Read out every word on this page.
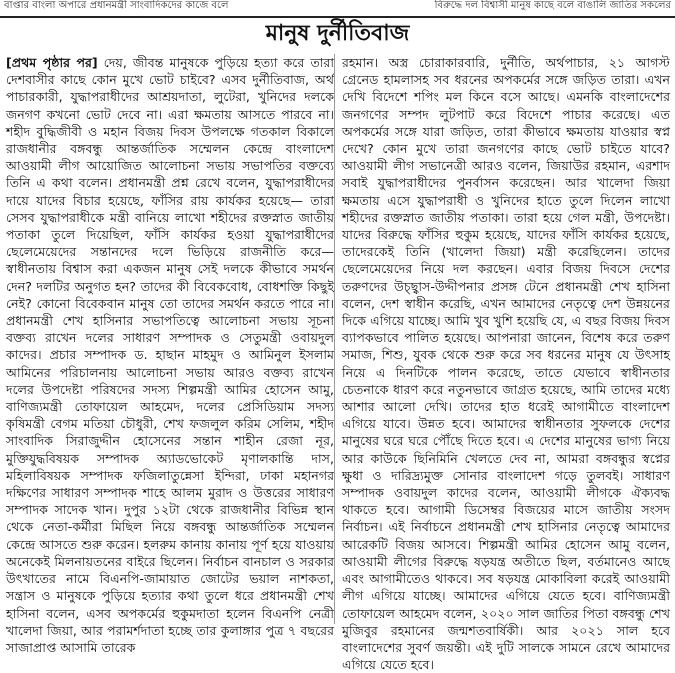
বাপ্তার বাংলা অপারে প্রধানমন্ত্রী সাংবাদিকদের কাজে বলে	বিরুদ্ধে দল বিশ্বাসী মানুষ কাছে বলে বাঙালি জাতির সকলের
মানুষ দুর্নীতিবাজ
[প্রথম পৃষ্ঠার পর] দেয়, জীবন্ত মানুষকে পুড়িয়ে হত্যা করে তারা দেশবাসীর কাছে কোন মুখে ভোট চাইবে? এসব দুর্নীতিবাজ, অর্থ পাচারকারী, যুদ্ধাপরাধীদের আশ্রয়দাতা, লুটেরা, খুনিদের দলকে জনগণ কখনো ভোট দেবে না। এরা ক্ষমতায় আসতে পারবে না। শহীদ বুদ্ধিজীবী ও মহান বিজয় দিবস উপলক্ষে গতকাল বিকালে রাজধানীর বঙ্গবন্ধু আন্তর্জাতিক সম্মেলন কেন্দ্রে বাংলাদেশ আওয়ামী লীগ আয়োজিত আলোচনা সভায় সভাপতির বক্তব্যে তিনি এ কথা বলেন। প্রধানমন্ত্রী প্রশ্ন রেখে বলেন, যুদ্ধাপরাধীদের দায়ে যাদের বিচার হয়েছে, ফাঁসির রায় কার্যকর হয়েছে— তারা সেসব যুদ্ধাপরাধীকে মন্ত্রী বানিয়ে লাখো শহীদের রক্তস্নাত জাতীয় পতাকা তুলে দিয়েছিল, ফাঁসি কার্যকর হওয়া যুদ্ধাপরাধীদের ছেলেমেয়েদের সন্তানদের দলে ভিড়িয়ে রাজনীতি করে— স্বাধীনতায় বিশ্বাস করা একজন মানুষ সেই দলকে কীভাবে সমর্থন দেন? দলটির অনুগত হন? তাদের কী বিবেকবোধ, বোধশক্তি কিছুই নেই? কোনো বিবেকবান মানুষ তো তাদের সমর্থন করতে পারে না। প্রধানমন্ত্রী শেখ হাসিনার সভাপতিত্বে আলোচনা সভায় সূচনা বক্তব্য রাখেন দলের সাধারণ সম্পাদক ও সেতুমন্ত্রী ওবায়দুল কাদের। প্রচার সম্পাদক ড. হাছান মাহমুদ ও আমিনুল ইসলাম আমিনের পরিচালনায় আলোচনা সভায় আরও বক্তব্য রাখেন দলের উপদেষ্টা পরিষদের সদস্য শিল্পমন্ত্রী আমির হোসেন আমু, বাণিজ্যমন্ত্রী তোফায়েল আহমেদ, দলের প্রেসিডিয়াম সদস্য কৃষিমন্ত্রী বেগম মতিয়া চৌধুরী, শেখ ফজলুল করিম সেলিম, শহীদ সাংবাদিক সিরাজুদ্দীন হোসেনের সন্তান শাহীন রেজা নূর, মুক্তিযুদ্ধবিষয়ক সম্পাদক অ্যাডভোকেট মৃণালকান্তি দাস, মহিলাবিষয়ক সম্পাদক ফজিলাতুন্নেসা ইন্দিরা, ঢাকা মহানগর দক্ষিণের সাধারণ সম্পাদক শাহে আলম মুরাদ ও উত্তরের সাধারণ সম্পাদক সাদেক খান। দুপুর ১২টা থেকে রাজধানীর বিভিন্ন স্থান থেকে নেতা-কর্মীরা মিছিল নিয়ে বঙ্গবন্ধু আন্তর্জাতিক সম্মেলন কেন্দ্রে আসতে শুরু করেন। হলরুম কানায় কানায় পূর্ণ হয়ে যাওয়ায় অনেকেই মিলনায়তনের বাইরে ছিলেন। নির্বাচন বানচাল ও সরকার উৎখাতের নামে বিএনপি-জামায়াত জোটের ভয়াল নাশকতা, সন্ত্রাস ও মানুষকে পুড়িয়ে হত্যার কথা তুলে ধরে প্রধানমন্ত্রী শেখ হাসিনা বলেন, এসব অপকর্মের হুকুমদাতা হলেন বিএনপি নেত্রী খালেদা জিয়া, আর পরামর্শদাতা হচ্ছে তার কুলাঙ্গার পুত্র ৭ বছরের সাজাপ্রাপ্ত আসামি তারেক
রহমান। অস্ত্র চোরাকারবারি, দুর্নীতি, অর্থপাচার, ২১ আগস্ট গ্রেনেড হামলাসহ সব ধরনের অপকর্মের সঙ্গে জড়িত তারা। এখন দেখি বিদেশে শপিং মল কিনে বসে আছে। এমনকি বাংলাদেশের জনগণের সম্পদ লুটপাট করে বিদেশে পাচার করেছে। এত অপকর্মের সঙ্গে যারা জড়িত, তারা কীভাবে ক্ষমতায় যাওয়ার স্বপ্ন দেখে? কোন মুখে তারা জনগণের কাছে ভোট চাইতে যাবে? আওয়ামী লীগ সভানেত্রী আরও বলেন, জিয়াউর রহমান, এরশাদ সবাই যুদ্ধাপরাধীদের পুনর্বাসন করেছেন। আর খালেদা জিয়া ক্ষমতায় এসে যুদ্ধাপরাধী ও খুনিদের হাতে তুলে দিলেন লাখো শহীদের রক্তস্নাত জাতীয় পতাকা। তারা হয়ে গেল মন্ত্রী, উপদেষ্টা। যাদের বিরুদ্ধে ফাঁসির হুকুম হয়েছে, যাদের ফাঁসি কার্যকর হয়েছে, তাদেরকেই তিনি (খালেদা জিয়া) মন্ত্রী করেছিলেন। তাদের ছেলেমেয়েদের নিয়ে দল করছেন। এবার বিজয় দিবসে দেশের তরুণদের উচ্ছ্বাস-উদ্দীপনার প্রসঙ্গ টেনে প্রধানমন্ত্রী শেখ হাসিনা বলেন, দেশ স্বাধীন করেছি, এখন আমাদের নেতৃত্বে দেশ উন্নয়নের দিকে এগিয়ে যাচ্ছে। আমি খুব খুশি হয়েছি যে, এ বছর বিজয় দিবস ব্যাপকভাবে পালিত হয়েছে। আপনারা জানেন, বিশেষ করে তরুণ সমাজ, শিশু, যুবক থেকে শুরু করে সব ধরনের মানুষ যে উৎসাহ নিয়ে এ দিনটিকে পালন করেছে, তাতে যেভাবে স্বাধীনতার চেতনাকে ধারণ করে নতুনভাবে জাগ্রত হয়েছে, আমি তাদের মধ্যে আশার আলো দেখি। তাদের হাত ধরেই আগামীতে বাংলাদেশ এগিয়ে যাবে। উন্নত হবে। আমাদের স্বাধীনতার সুফলকে দেশের মানুষের ঘরে ঘরে পৌঁছে দিতে হবে। এ দেশের মানুষের ভাগ্য নিয়ে আর কাউকে ছিনিমিনি খেলতে দেব না, আমরা বঙ্গবন্ধুর স্বপ্নের ক্ষুধা ও দারিদ্র্যমুক্ত সোনার বাংলাদেশ গড়ে তুলবই। সাধারণ সম্পাদক ওবায়দুল কাদের বলেন, আওয়ামী লীগকে ঐক্যবদ্ধ থাকতে হবে। আগামী ডিসেম্বর বিজয়ের মাসে জাতীয় সংসদ নির্বাচন। এই নির্বাচনে প্রধানমন্ত্রী শেখ হাসিনার নেতৃত্বে আমাদের আরেকটি বিজয় আসবে। শিল্পমন্ত্রী আমির হোসেন আমু বলেন, আওয়ামী লীগের বিরুদ্ধে ষড়যন্ত্র অতীতে ছিল, বর্তমানেও আছে এবং আগামীতেও থাকবে। সব ষড়যন্ত্র মোকাবিলা করেই আওয়ামী লীগ এগিয়ে যাচ্ছে। আমাদের এগিয়ে যেতে হবে। বাণিজ্যমন্ত্রী তোফায়েল আহমেদ বলেন, ২০২০ সাল জাতির পিতা বঙ্গবন্ধু শেখ মুজিবুর রহমানের জন্মশতবার্ষিকী। আর ২০২১ সাল হবে বাংলাদেশের সুবর্ণ জয়ন্তী। এই দুটি সালকে সামনে রেখে আমাদের এগিয়ে যেতে হবে।
